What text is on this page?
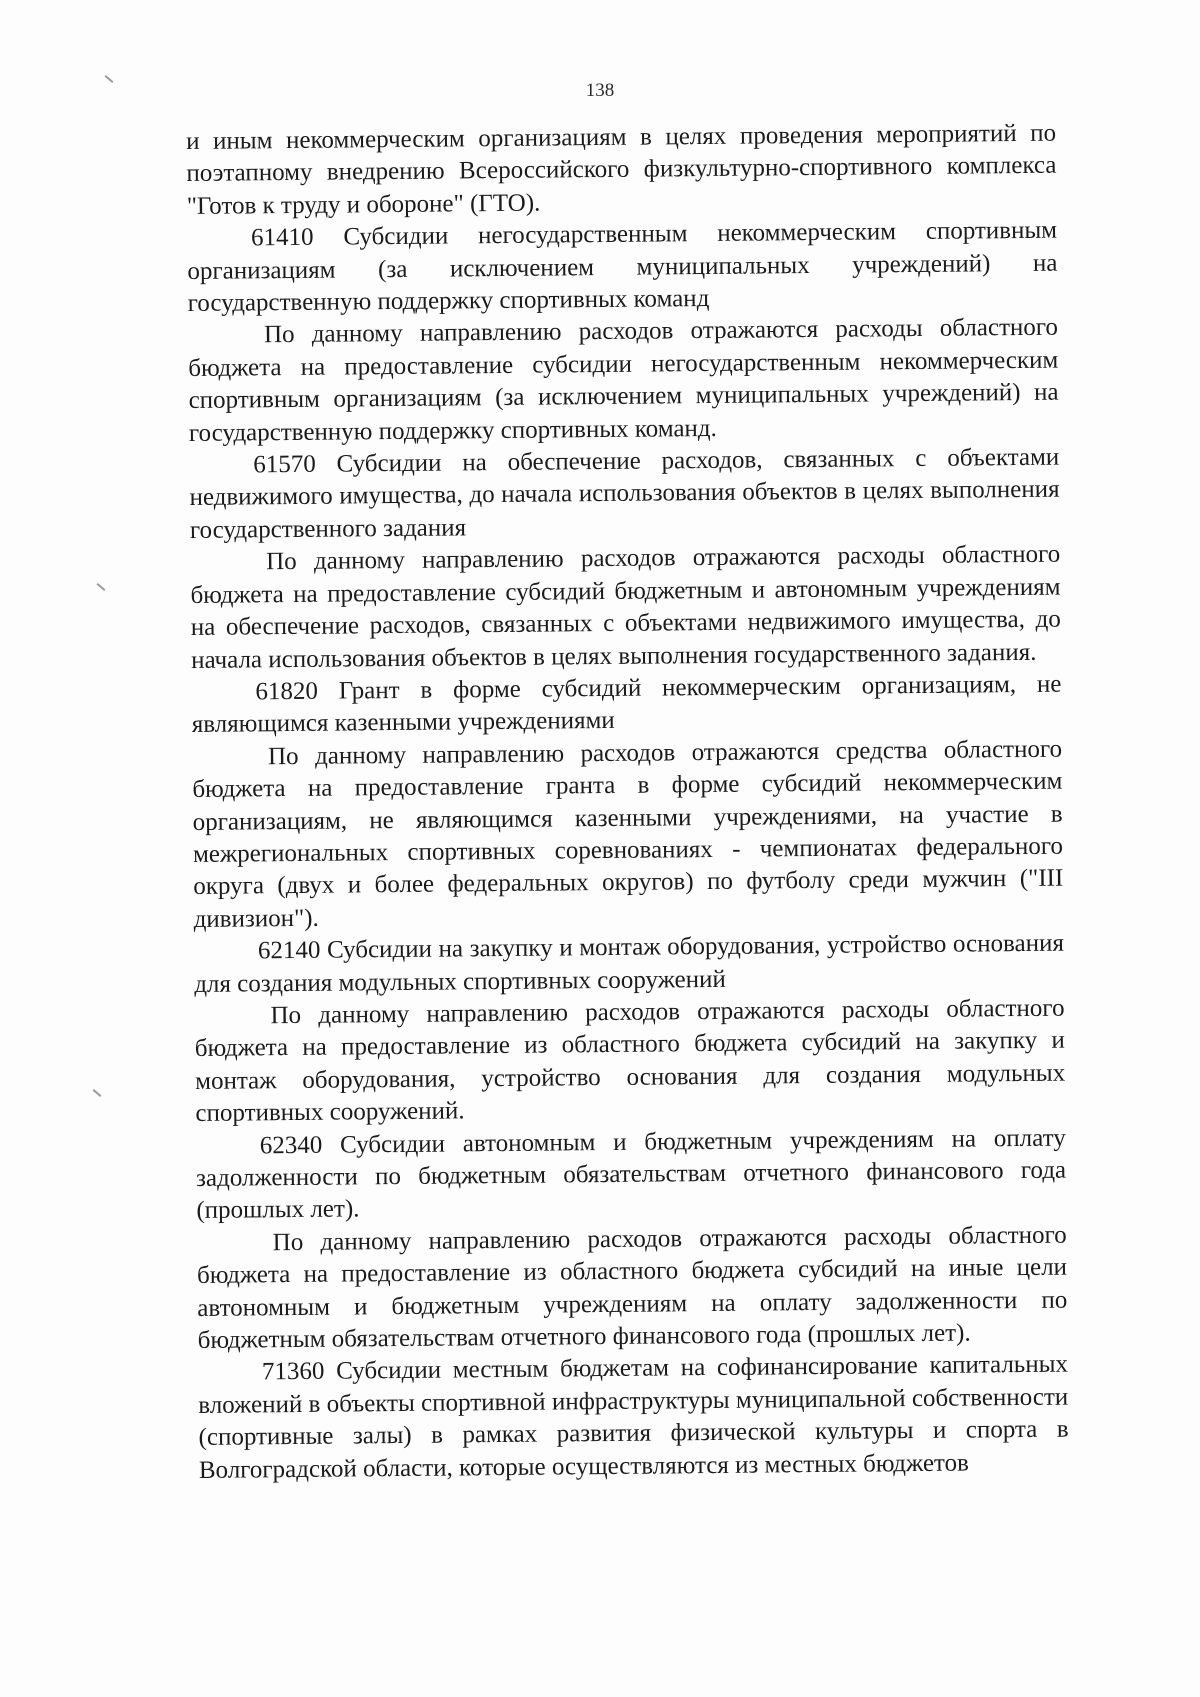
138

и иным некоммерческим организациям в целях проведения мероприятий по поэтапному внедрению Всероссийского физкультурно-спортивного комплекса "Готов к труду и обороне" (ГТО).

61410 Субсидии негосударственным некоммерческим спортивным организациям (за исключением муниципальных учреждений) на государственную поддержку спортивных команд

По данному направлению расходов отражаются расходы областного бюджета на предоставление субсидии негосударственным некоммерческим спортивным организациям (за исключением муниципальных учреждений) на государственную поддержку спортивных команд.

61570 Субсидии на обеспечение расходов, связанных с объектами недвижимого имущества, до начала использования объектов в целях выполнения государственного задания

По данному направлению расходов отражаются расходы областного бюджета на предоставление субсидий бюджетным и автономным учреждениям на обеспечение расходов, связанных с объектами недвижимого имущества, до начала использования объектов в целях выполнения государственного задания.

61820 Грант в форме субсидий некоммерческим организациям, не являющимся казенными учреждениями

По данному направлению расходов отражаются средства областного бюджета на предоставление гранта в форме субсидий некоммерческим организациям, не являющимся казенными учреждениями, на участие в межрегиональных спортивных соревнованиях - чемпионатах федерального округа (двух и более федеральных округов) по футболу среди мужчин ("III дивизион").

62140 Субсидии на закупку и монтаж оборудования, устройство основания для создания модульных спортивных сооружений

По данному направлению расходов отражаются расходы областного бюджета на предоставление из областного бюджета субсидий на закупку и монтаж оборудования, устройство основания для создания модульных спортивных сооружений.

62340 Субсидии автономным и бюджетным учреждениям на оплату задолженности по бюджетным обязательствам отчетного финансового года (прошлых лет).

По данному направлению расходов отражаются расходы областного бюджета на предоставление из областного бюджета субсидий на иные цели автономным и бюджетным учреждениям на оплату задолженности по бюджетным обязательствам отчетного финансового года (прошлых лет).

71360 Субсидии местным бюджетам на софинансирование капитальных вложений в объекты спортивной инфраструктуры муниципальной собственности (спортивные залы) в рамках развития физической культуры и спорта в Волгоградской области, которые осуществляются из местных бюджетов
